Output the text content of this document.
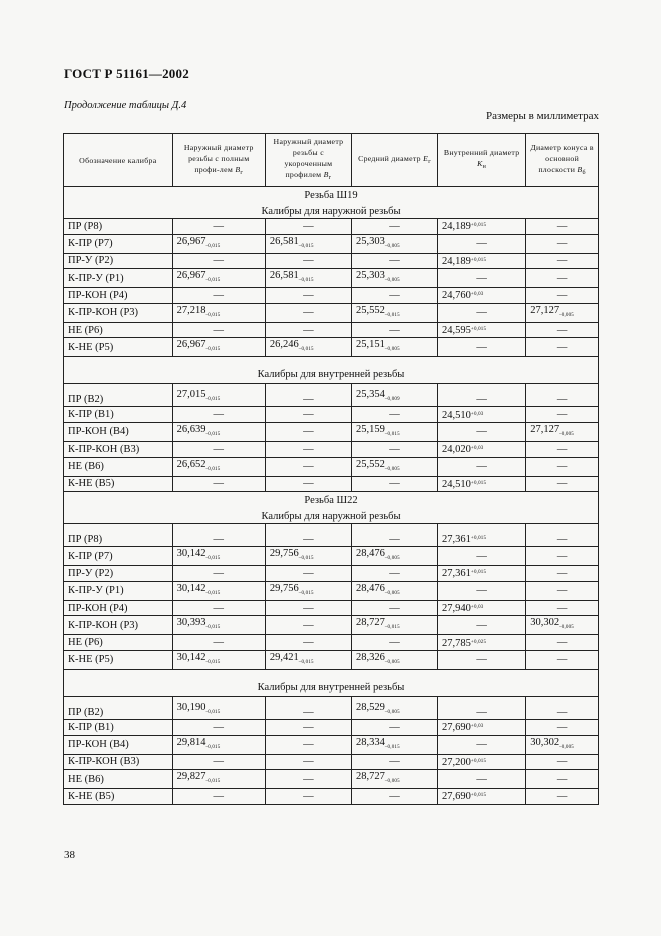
ГОСТ Р 51161—2002
Продолжение таблицы Д.4
Размеры в миллиметрах
Обозначение калибра	Наружный диаметр резьбы с полным профи-лем $B_г$	Наружный диаметр резьбы с укороченным профилем $B_г$	Средний диаметр $E_г$	Внутренний диаметр $K_н$	Диаметр конуса в основной плоскости $B_б$
Резьба Ш19					
Калибры для наружной резьбы					
ПР (Р8)	—	—	—	$24,189^{+0,015}$	—
К-ПР (Р7)	$26,967_{-0,015}$	$26,581_{-0,015}$	$25,303_{-0,005}$	—	—
ПР-У (Р2)	—	—	—	$24,189^{+0,015}$	—
К-ПР-У (Р1)	$26,967_{-0,015}$	$26,581_{-0,015}$	$25,303_{-0,005}$	—	—
ПР-КОН (Р4)	—	—	—	$24,760^{+0,03}$	—
К-ПР-КОН (Р3)	$27,218_{-0,015}$	—	$25,552_{-0,015}$	—	$27,127_{-0,005}$
НЕ (Р6)	—	—	—	$24,595^{+0,015}$	—
К-НЕ (Р5)	$26,967_{-0,015}$	$26,246_{-0,015}$	$25,151_{-0,005}$	—	—
Калибры для внутренней резьбы					
ПР (В2)	$27,015_{-0,015}$	—	$25,354_{-0,009}$	—	—
К-ПР (В1)	—	—	—	$24,510^{+0,03}$	—
ПР-КОН (В4)	$26,639_{-0,015}$	—	$25,159_{-0,015}$	—	$27,127_{-0,005}$
К-ПР-КОН (В3)	—	—	—	$24,020^{+0,03}$	—
НЕ (В6)	$26,652_{-0,015}$	—	$25,552_{-0,005}$	—	—
К-НЕ (В5)	—	—	—	$24,510^{+0,015}$	—
Резьба Ш22					
Калибры для наружной резьбы					
ПР (Р8)	—	—	—	$27,361^{+0,015}$	—
К-ПР (Р7)	$30,142_{-0,015}$	$29,756_{-0,015}$	$28,476_{-0,005}$	—	—
ПР-У (Р2)	—	—	—	$27,361^{+0,015}$	—
К-ПР-У (Р1)	$30,142_{-0,015}$	$29,756_{-0,015}$	$28,476_{-0,005}$	—	—
ПР-КОН (Р4)	—	—	—	$27,940^{+0,03}$	—
К-ПР-КОН (Р3)	$30,393_{-0,015}$	—	$28,727_{-0,015}$	—	$30,302_{-0,005}$
НЕ (Р6)	—	—	—	$27,785^{+0,025}$	—
К-НЕ (Р5)	$30,142_{-0,015}$	$29,421_{-0,015}$	$28,326_{-0,005}$	—	—
Калибры для внутренней резьбы					
ПР (В2)	$30,190_{-0,015}$	—	$28,529_{-0,005}$	—	—
К-ПР (В1)	—	—	—	$27,690^{+0,03}$	—
ПР-КОН (В4)	$29,814_{-0,015}$	—	$28,334_{-0,015}$	—	$30,302_{-0,005}$
К-ПР-КОН (В3)	—	—	—	$27,200^{+0,015}$	—
НЕ (В6)	$29,827_{-0,015}$	—	$28,727_{-0,005}$	—	—
К-НЕ (В5)	—	—	—	$27,690^{+0,015}$	—
38
